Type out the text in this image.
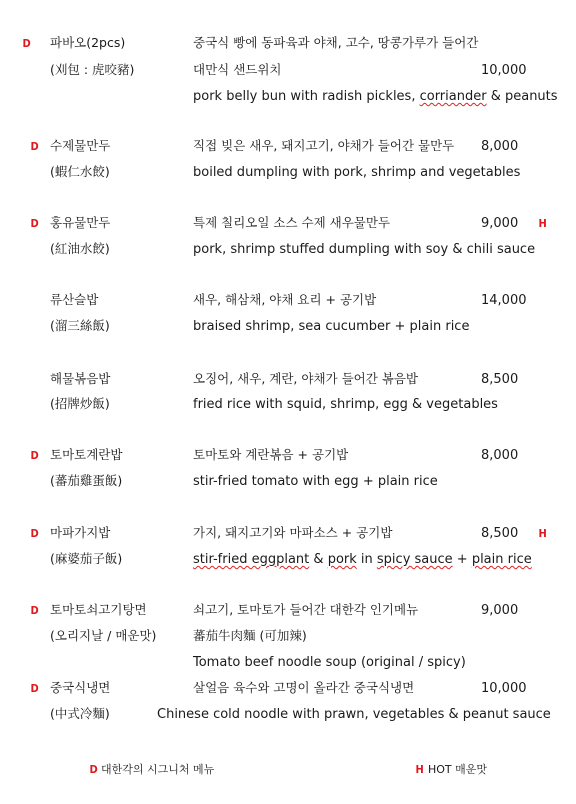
D 파바오(2pcs)	중국식 빵에 동파육과 야채, 고수, 땅콩가루가 들어간
(刈包 : 虎咬豬)	대만식 샌드위치	10,000
pork belly bun with radish pickles, corriander & peanuts
D 수제물만두	직접 빚은 새우, 돼지고기, 야채가 들어간 물만두 8,000
(蝦仁水餃)	boiled dumpling with pork, shrimp and vegetables
D 홍유물만두	특제 칠리오일 소스 수제 새우물만두	9,000 H
(紅油水餃)	pork, shrimp stuffed dumpling with soy & chili sauce
류산슬밥	새우, 해삼채, 야채 요리 + 공기밥	14,000
(溜三絲飯)	braised shrimp, sea cucumber + plain rice
해물볶음밥	오징어, 새우, 계란, 야채가 들어간 볶음밥	8,500
(招牌炒飯)	fried rice with squid, shrimp, egg & vegetables
D 토마토계란밥	토마토와 계란볶음 + 공기밥	8,000
(蕃茄雞蛋飯)	stir-fried tomato with egg + plain rice
D 마파가지밥	가지, 돼지고기와 마파소스 + 공기밥	8,500 H
(麻婆茄子飯)	stir-fried eggplant & pork in spicy sauce + plain rice
D 토마토쇠고기탕면	쇠고기, 토마토가 들어간 대한각 인기메뉴	9,000
(오리지날 / 매운맛)	蕃茄牛肉麵 (可加辣)
Tomato beef noodle soup (original / spicy)
D 중국식냉면	살얼음 육수와 고명이 올라간 중국식냉면	10,000
(中式冷麵)	Chinese cold noodle with prawn, vegetables & peanut sauce
D 대한각의 시그니처 메뉴	H HOT 매운맛
